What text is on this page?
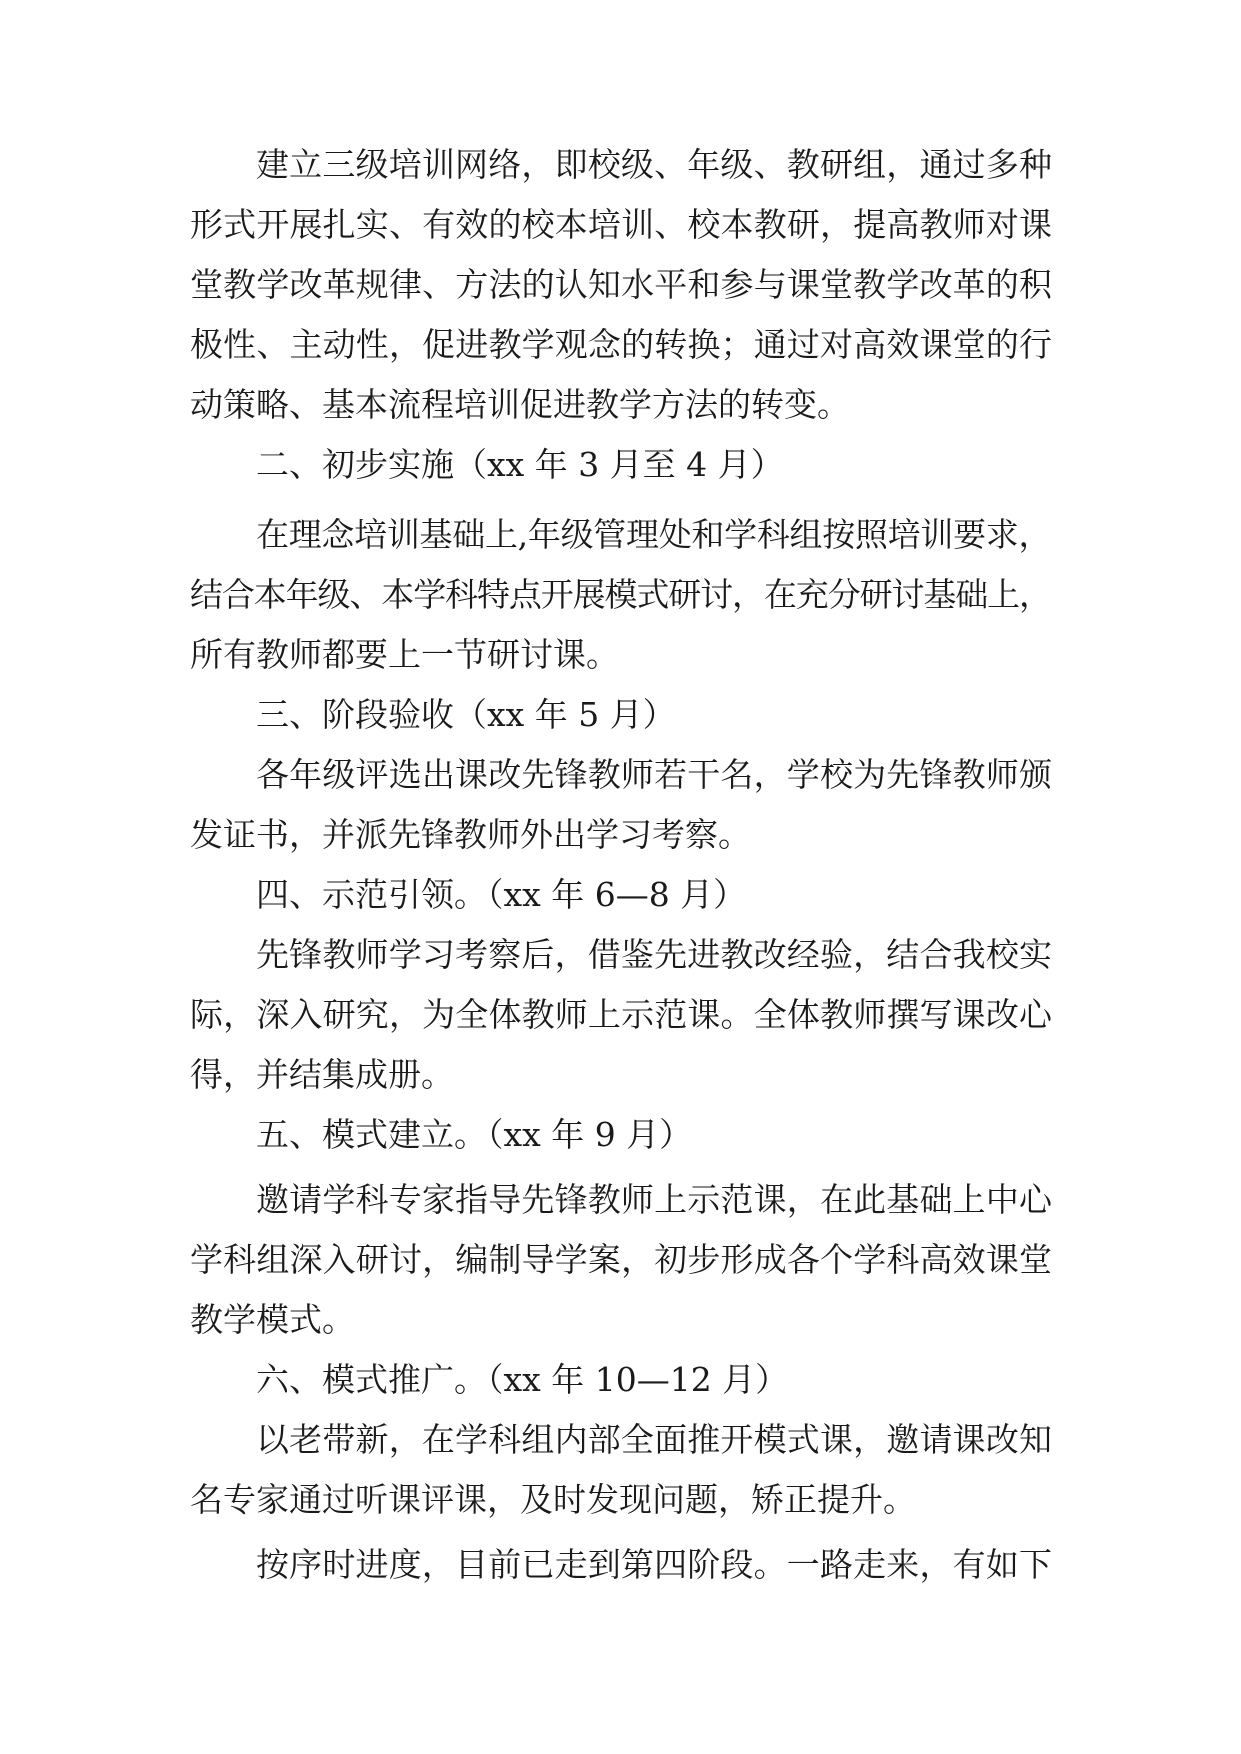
建立三级培训网络，即校级、年级、教研组，通过多种

形式开展扎实、有效的校本培训、校本教研，提高教师对课

堂教学改革规律、方法的认知水平和参与课堂教学改革的积

极性、主动性，促进教学观念的转换；通过对高效课堂的行

动策略、基本流程培训促进教学方法的转变。

二、初步实施（xx 年 3 月至 4 月）

在理念培训基础上,年级管理处和学科组按照培训要求，

结合本年级、本学科特点开展模式研讨，在充分研讨基础上，

所有教师都要上一节研讨课。

三、阶段验收（xx 年 5 月）

各年级评选出课改先锋教师若干名，学校为先锋教师颁

发证书，并派先锋教师外出学习考察。

四、示范引领。（xx 年 6—8 月）

先锋教师学习考察后，借鉴先进教改经验，结合我校实

际，深入研究，为全体教师上示范课。全体教师撰写课改心

得，并结集成册。

五、模式建立。（xx 年 9 月）

邀请学科专家指导先锋教师上示范课，在此基础上中心

学科组深入研讨，编制导学案，初步形成各个学科高效课堂

教学模式。

六、模式推广。（xx 年 10—12 月）

以老带新，在学科组内部全面推开模式课，邀请课改知

名专家通过听课评课，及时发现问题，矫正提升。

按序时进度，目前已走到第四阶段。一路走来，有如下
